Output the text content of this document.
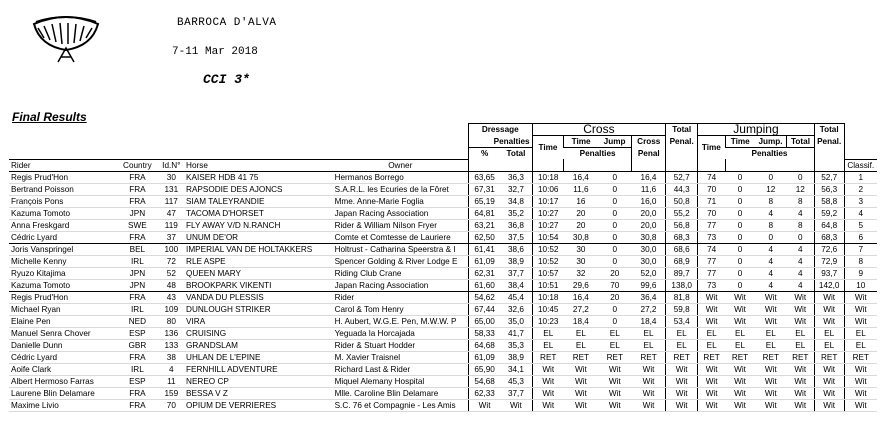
BARROCA D'ALVA
7-11 Mar 2018
CCI 3*
Final Results
					Dressage		Cross				Total	Jumping				Total	
					Penalties		Time	Time	Jump	Cross	Penal.	Time	Time	Jump.	Total	Penal.	
					%	Total		Penalties		Penal			Penalties				
Rider	Country	Id.N°	Horse	Owner													Classif.
Regis Prud'Hon	FRA	30	KAISER HDB 41 75	Hermanos Borrego	63,65	36,3	10:18	16,4	0	16,4	52,7	74	0	0	0	52,7	1
Bertrand Poisson	FRA	131	RAPSODIE DES AJONCS	S.A.R.L. les Ecuries de la Fôret	67,31	32,7	10:06	11,6	0	11,6	44,3	70	0	12	12	56,3	2
François Pons	FRA	117	SIAM TALEYRANDIE	Mme. Anne-Marie Foglia	65,19	34,8	10:17	16	0	16,0	50,8	71	0	8	8	58,8	3
Kazuma Tomoto	JPN	47	TACOMA D'HORSET	Japan Racing Association	64,81	35,2	10:27	20	0	20,0	55,2	70	0	4	4	59,2	4
Anna Freskgard	SWE	119	FLY AWAY V/D N.RANCH	Rider & William Nilson Fryer	63,21	36,8	10:27	20	0	20,0	56,8	77	0	8	8	64,8	5
Cédric Lyard	FRA	37	UNUM DE'OR	Comte et Comtesse de Lauriere	62,50	37,5	10:54	30,8	0	30,8	68,3	73	0	0	0	68,3	6
Joris Vanspringel	BEL	100	IMPERIAL VAN DE HOLTAKKERS	Holtrust - Catharina Speerstra & I	61,41	38,6	10:52	30	0	30,0	68,6	74	0	4	4	72,6	7
Michelle Kenny	IRL	72	RLE ASPE	Spencer Golding & River Lodge E	61,09	38,9	10:52	30	0	30,0	68,9	77	0	4	4	72,9	8
Ryuzo Kitajima	JPN	52	QUEEN MARY	Riding Club Crane	62,31	37,7	10:57	32	20	52,0	89,7	77	0	4	4	93,7	9
Kazuma Tomoto	JPN	48	BROOKPARK VIKENTI	Japan Racing Association	61,60	38,4	10:51	29,6	70	99,6	138,0	73	0	4	4	142,0	10
Regis Prud'Hon	FRA	43	VANDA DU PLESSIS	Rider	54,62	45,4	10:18	16,4	20	36,4	81,8	Wit	Wit	Wit	Wit	Wit	Wit
Michael Ryan	IRL	109	DUNLOUGH STRIKER	Carol & Tom Henry	67,44	32,6	10:45	27,2	0	27,2	59,8	Wit	Wit	Wit	Wit	Wit	Wit
Elaine Pen	NED	80	VIRA	H. Aubert, W.G.E. Pen, M.W.W. P	65,00	35,0	10:23	18,4	0	18,4	53,4	Wit	Wit	Wit	Wit	Wit	Wit
Manuel Senra Chover	ESP	136	CRUISING	Yeguada la Horcajada	58,33	41,7	EL	EL	EL	EL	EL	EL	EL	EL	EL	EL	EL
Danielle Dunn	GBR	133	GRANDSLAM	Rider & Stuart Hodder	64,68	35,3	EL	EL	EL	EL	EL	EL	EL	EL	EL	EL	EL
Cédric Lyard	FRA	38	UHLAN DE L'EPINE	M. Xavier Traisnel	61,09	38,9	RET	RET	RET	RET	RET	RET	RET	RET	RET	RET	RET
Aoife Clark	IRL	4	FERNHILL ADVENTURE	Richard Last & Rider	65,90	34,1	Wit	Wit	Wit	Wit	Wit	Wit	Wit	Wit	Wit	Wit	Wit
Albert Hermoso Farras	ESP	11	NEREO CP	Miquel Alemany Hospital	54,68	45,3	Wit	Wit	Wit	Wit	Wit	Wit	Wit	Wit	Wit	Wit	Wit
Laurene Blin Delamare	FRA	159	BESSA V Z	Mlle. Caroline Blin Delamare	62,33	37,7	Wit	Wit	Wit	Wit	Wit	Wit	Wit	Wit	Wit	Wit	Wit
Maxime Livio	FRA	70	OPIUM DE VERRIERES	S.C. 76 et Compagnie - Les Amis	Wit	Wit	Wit	Wit	Wit	Wit	Wit	Wit	Wit	Wit	Wit	Wit	Wit
